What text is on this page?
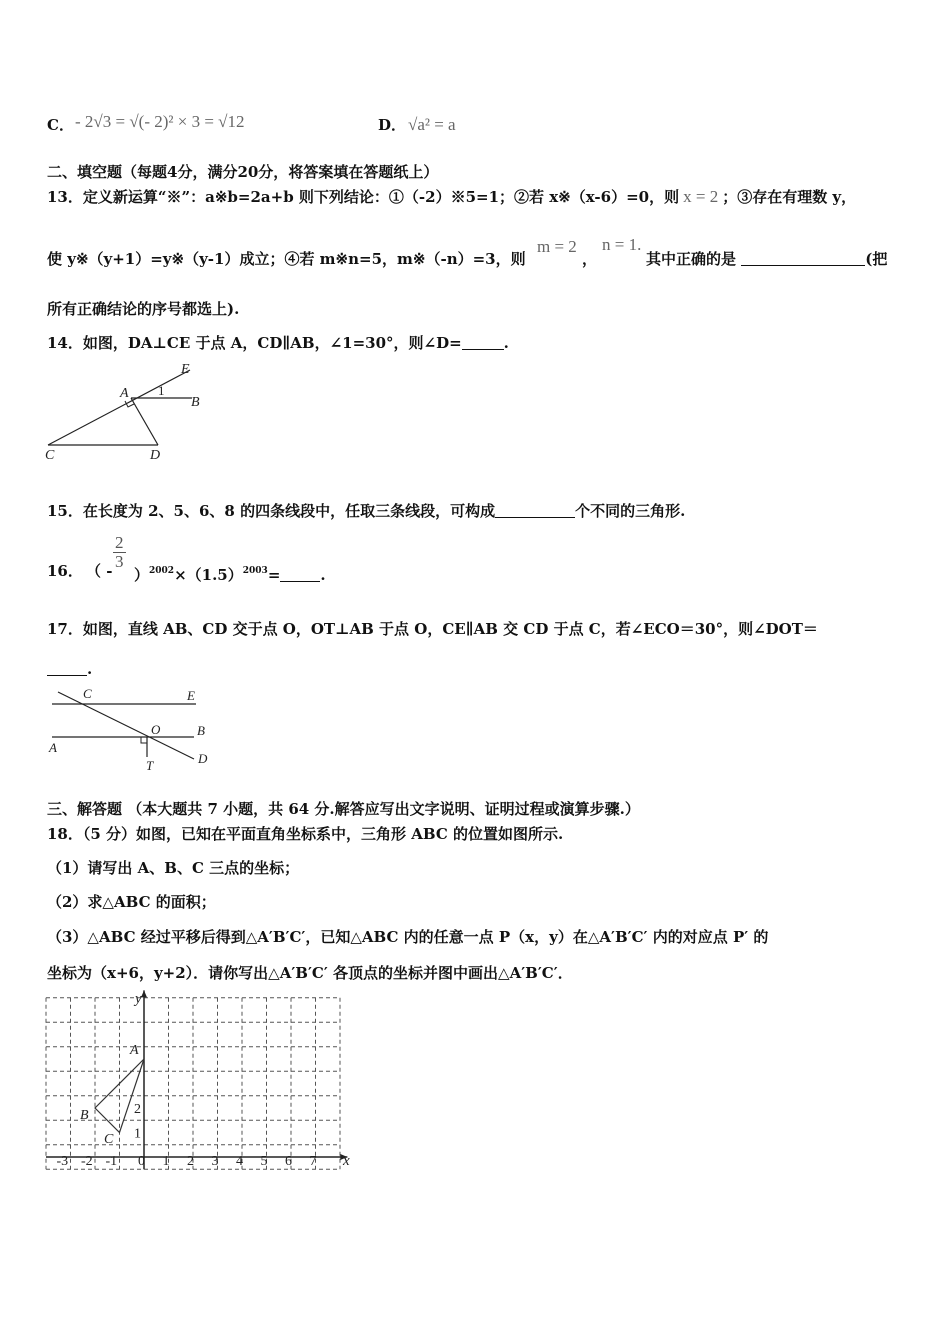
C． - 2√3 = √(- 2)² × 3 = √12	D． √a² = a
二、填空题（每题4分，满分20分，将答案填在答题纸上）
13．定义新运算“※”：a※b=2a+b 则下列结论：①（-2）※5=1；②若 x※（x-6）=0，则 x = 2 ；③存在有理数 y，
使 y※（y+1）=y※（y-1）成立；④若 m※n=5，m※（-n）=3，则
m = 2
，
n = 1.
其中正确的是	(把
所有正确结论的序号都选上).
14．如图，DA⊥CE 于点 A，CD∥AB，∠1=30°，则∠D=	.
E
A 1
B
C	D
15．在长度为 2、5、6、8 的四条线段中，任取三条线段，可构成	个不同的三角形.
16． （ - $\frac{2}{3}$
）$^{2002}\times(1.5)^{2003}=$	.
17．如图，直线 AB、CD 交于点 O，OT⊥AB 于点 O，CE∥AB 交 CD 于点 C，若∠ECO＝30°，则∠DOT＝
.
C	E
O	B
A
D
T
三、解答题 （本大题共 7 小题，共 64 分.解答应写出文字说明、证明过程或演算步骤.）
18．（5 分）如图，已知在平面直角坐标系中，三角形 ABC 的位置如图所示.
（1）请写出 A、B、C 三点的坐标；
（2）求△ABC 的面积；
（3）△ABC 经过平移后得到△A′B′C′，已知△ABC 内的任意一点 P（x，y）在△A′B′C′ 内的对应点 P′ 的
坐标为（x+6，y+2）．请你写出△A′B′C′ 各顶点的坐标并图中画出△A′B′C′．
y
x
A
B
C
-3 -2 -1 0 1 2 3 4 5 6 7
1
2
